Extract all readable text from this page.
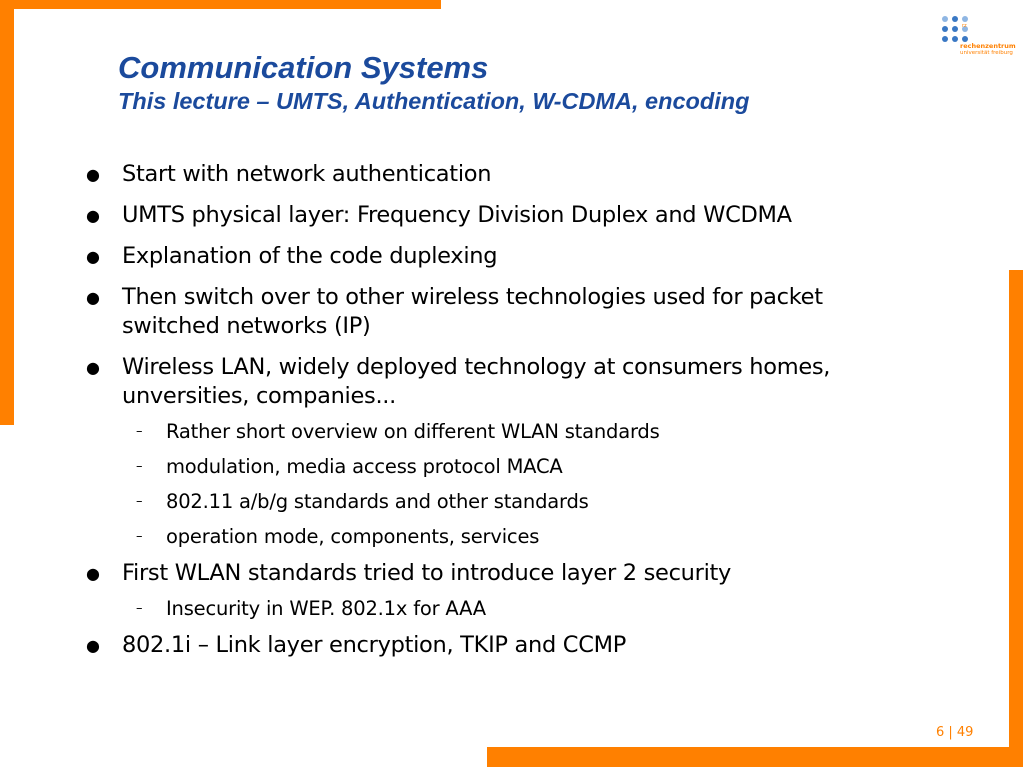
rz
rechenzentrum
universität freiburg
Communication Systems
This lecture – UMTS, Authentication, W-CDMA, encoding
● Start with network authentication
● UMTS physical layer: Frequency Division Duplex and WCDMA
● Explanation of the code duplexing
● Then switch over to other wireless technologies used for packet
switched networks (IP)
● Wireless LAN, widely deployed technology at consumers homes,
unversities, companies...
– Rather short overview on different WLAN standards
– modulation, media access protocol MACA
– 802.11 a/b/g standards and other standards
– operation mode, components, services
● First WLAN standards tried to introduce layer 2 security
– Insecurity in WEP. 802.1x for AAA
● 802.1i – Link layer encryption, TKIP and CCMP
6 | 49
